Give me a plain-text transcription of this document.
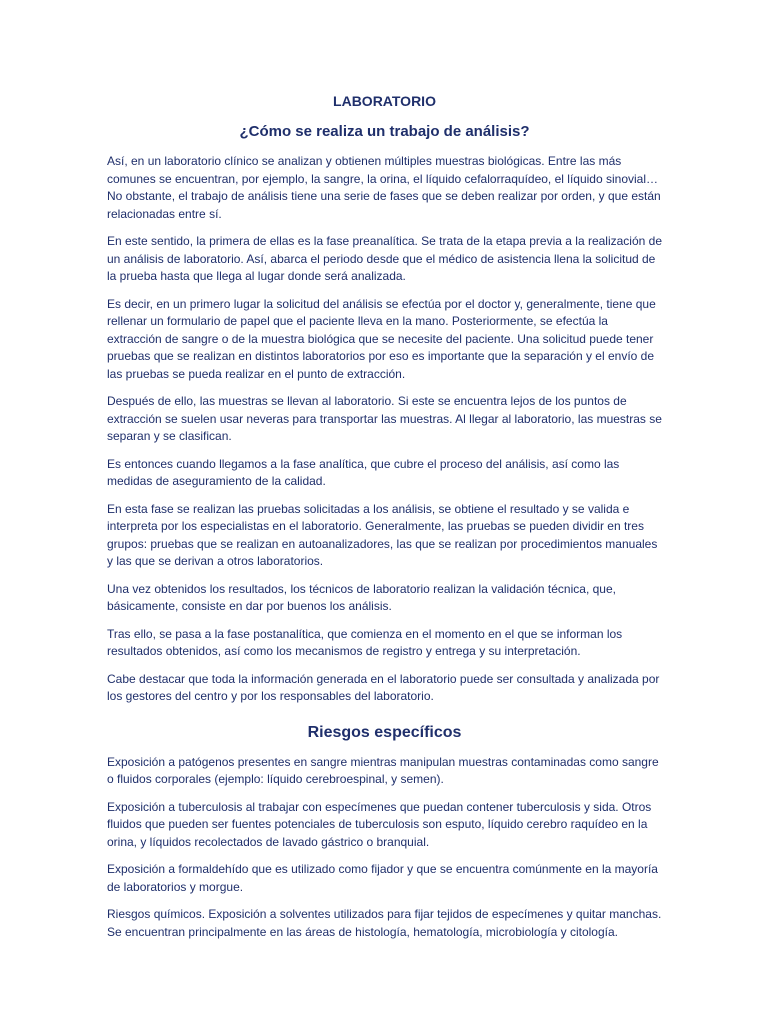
LABORATORIO
¿Cómo se realiza un trabajo de análisis?

Así, en un laboratorio clínico se analizan y obtienen múltiples muestras biológicas. Entre las más comunes se encuentran, por ejemplo, la sangre, la orina, el líquido cefalorraquídeo, el líquido sinovial… No obstante, el trabajo de análisis tiene una serie de fases que se deben realizar por orden, y que están relacionadas entre sí.

En este sentido, la primera de ellas es la fase preanalítica. Se trata de la etapa previa a la realización de un análisis de laboratorio. Así, abarca el periodo desde que el médico de asistencia llena la solicitud de la prueba hasta que llega al lugar donde será analizada.

Es decir, en un primero lugar la solicitud del análisis se efectúa por el doctor y, generalmente, tiene que rellenar un formulario de papel que el paciente lleva en la mano. Posteriormente, se efectúa la extracción de sangre o de la muestra biológica que se necesite del paciente. Una solicitud puede tener pruebas que se realizan en distintos laboratorios por eso es importante que la separación y el envío de las pruebas se pueda realizar en el punto de extracción.

Después de ello, las muestras se llevan al laboratorio. Si este se encuentra lejos de los puntos de extracción se suelen usar neveras para transportar las muestras. Al llegar al laboratorio, las muestras se separan y se clasifican.

Es entonces cuando llegamos a la fase analítica, que cubre el proceso del análisis, así como las medidas de aseguramiento de la calidad.

En esta fase se realizan las pruebas solicitadas a los análisis, se obtiene el resultado y se valida e interpreta por los especialistas en el laboratorio. Generalmente, las pruebas se pueden dividir en tres grupos: pruebas que se realizan en autoanalizadores, las que se realizan por procedimientos manuales y las que se derivan a otros laboratorios.

Una vez obtenidos los resultados, los técnicos de laboratorio realizan la validación técnica, que, básicamente, consiste en dar por buenos los análisis.

Tras ello, se pasa a la fase postanalítica, que comienza en el momento en el que se informan los resultados obtenidos, así como los mecanismos de registro y entrega y su interpretación.

Cabe destacar que toda la información generada en el laboratorio puede ser consultada y analizada por los gestores del centro y por los responsables del laboratorio.

Riesgos específicos

Exposición a patógenos presentes en sangre mientras manipulan muestras contaminadas como sangre o fluidos corporales (ejemplo: líquido cerebroespinal, y semen).

Exposición a tuberculosis al trabajar con especímenes que puedan contener tuberculosis y sida. Otros fluidos que pueden ser fuentes potenciales de tuberculosis son esputo, líquido cerebro raquídeo en la orina, y líquidos recolectados de lavado gástrico o branquial.

Exposición a formaldehído que es utilizado como fijador y que se encuentra comúnmente en la mayoría de laboratorios y morgue.

Riesgos químicos. Exposición a solventes utilizados para fijar tejidos de especímenes y quitar manchas. Se encuentran principalmente en las áreas de histología, hematología, microbiología y citología.
